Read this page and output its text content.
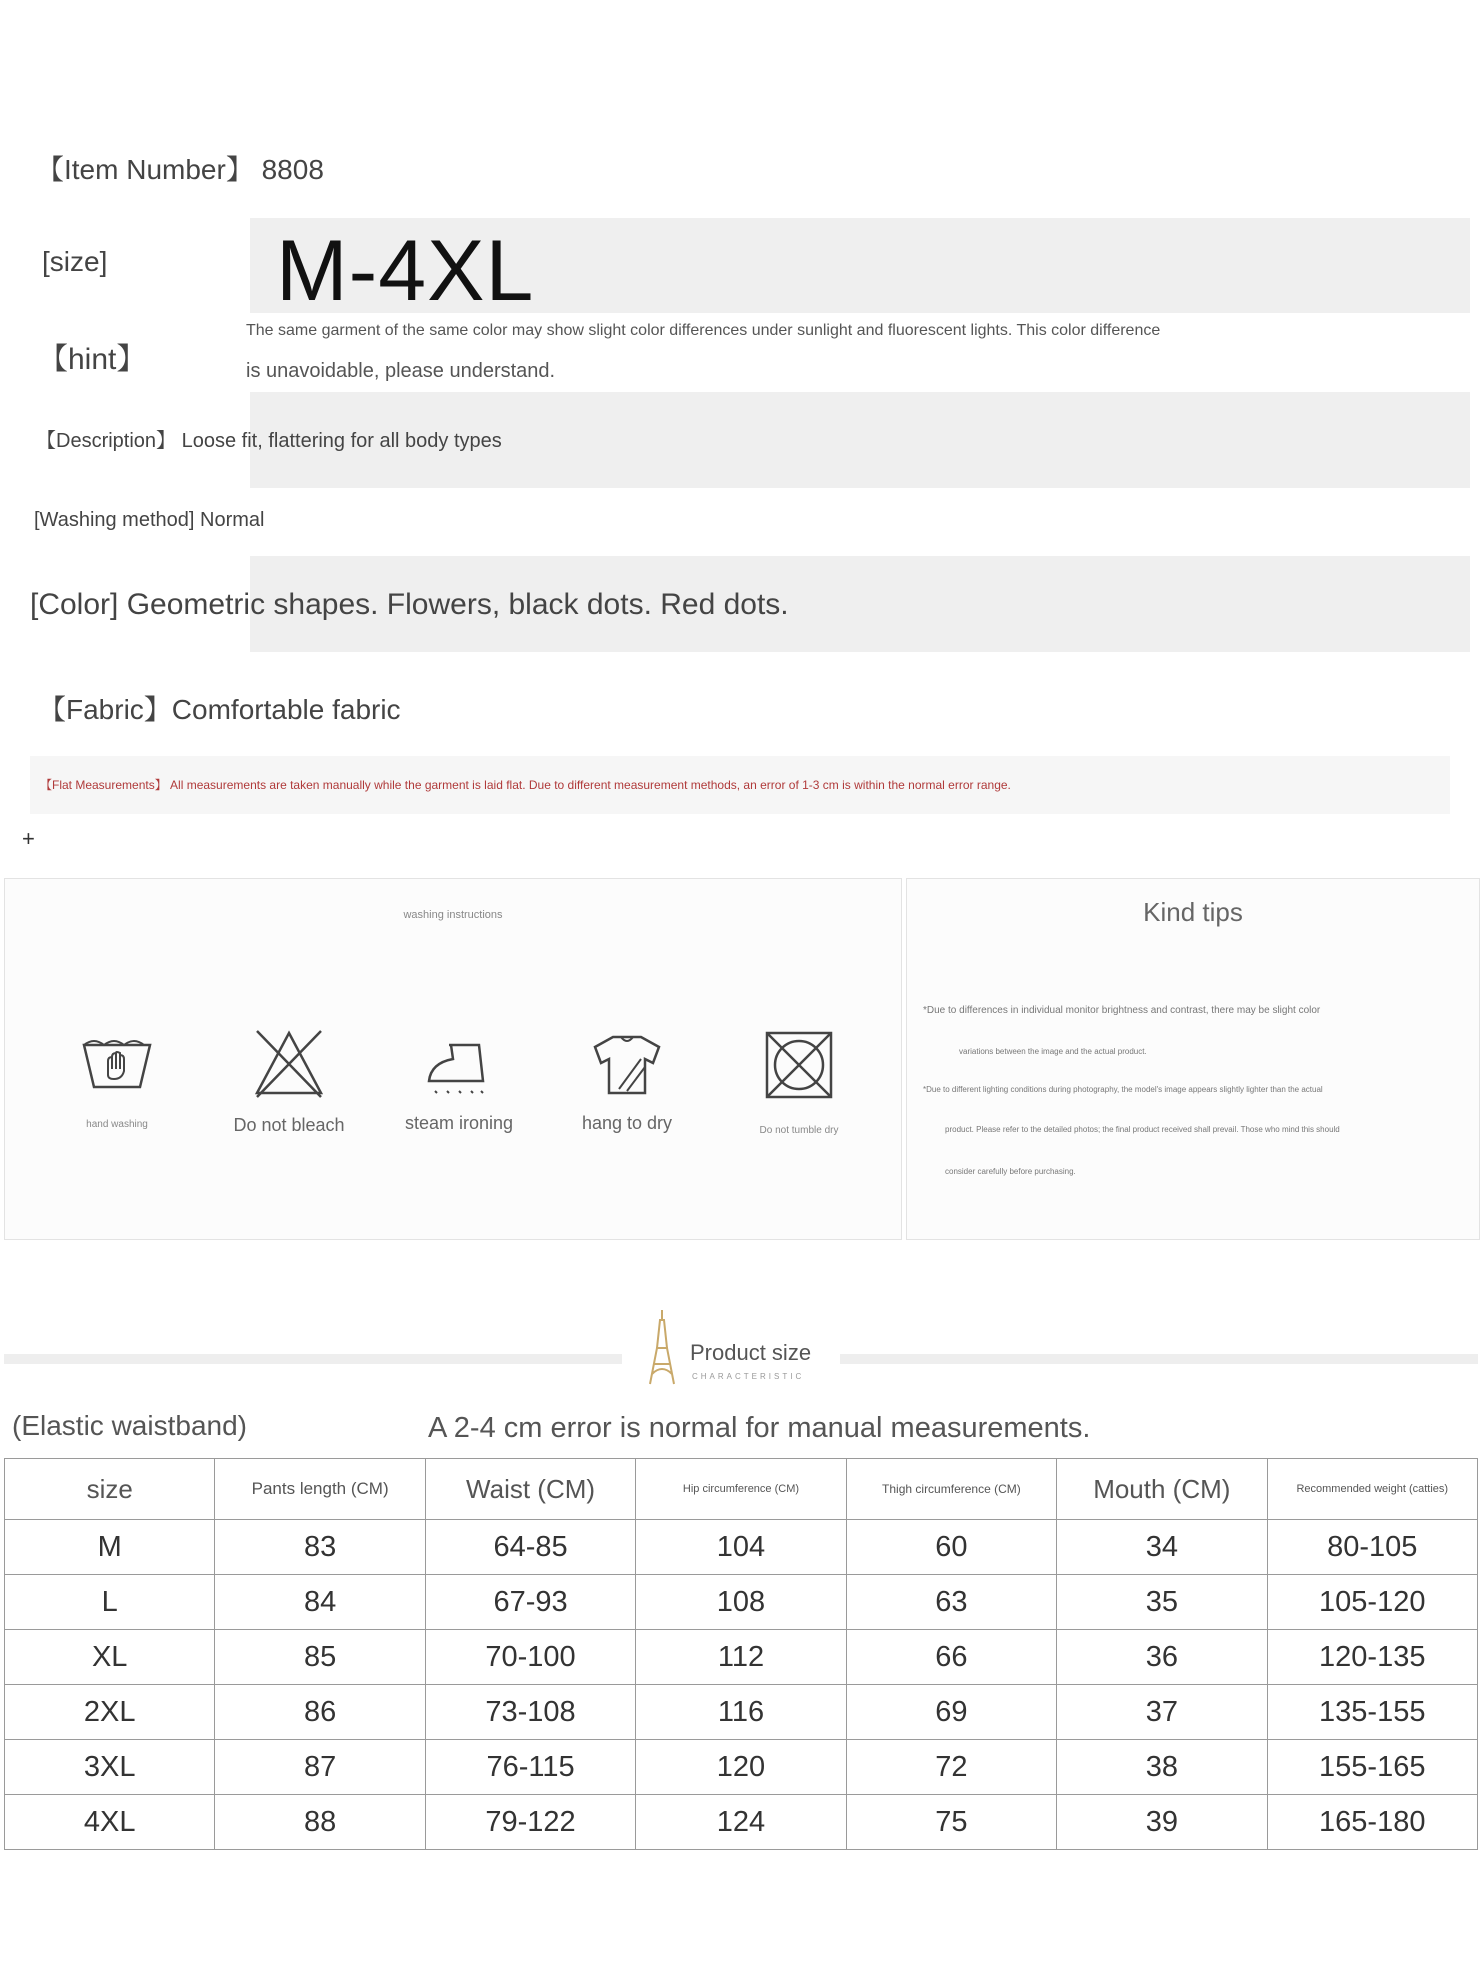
【Item Number】 8808
[size] M-4XL
【hint】
The same garment of the same color may show slight color differences under sunlight and fluorescent lights. This color difference
is unavoidable, please understand.
【Description】 Loose fit, flattering for all body types
[Washing method] Normal
[Color] Geometric shapes. Flowers, black dots. Red dots.
【Fabric】Comfortable fabric
【Flat Measurements】 All measurements are taken manually while the garment is laid flat. Due to different measurement methods, an error of 1-3 cm is within the normal error range.
+
washing instructions
hand washing	Do not bleach	steam ironing	hang to dry	Do not tumble dry
Kind tips
*Due to differences in individual monitor brightness and contrast, there may be slight color
variations between the image and the actual product.
*Due to different lighting conditions during photography, the model's image appears slightly lighter than the actual
product. Please refer to the detailed photos; the final product received shall prevail. Those who mind this should
consider carefully before purchasing.
Product size
CHARACTERISTIC
(Elastic waistband)	A 2-4 cm error is normal for manual measurements.
size	Pants length (CM)	Waist (CM)	Hip circumference (CM)	Thigh circumference (CM)	Mouth (CM)	Recommended weight (catties)
M	83	64-85	104	60	34	80-105
L	84	67-93	108	63	35	105-120
XL	85	70-100	112	66	36	120-135
2XL	86	73-108	116	69	37	135-155
3XL	87	76-115	120	72	38	155-165
4XL	88	79-122	124	75	39	165-180
